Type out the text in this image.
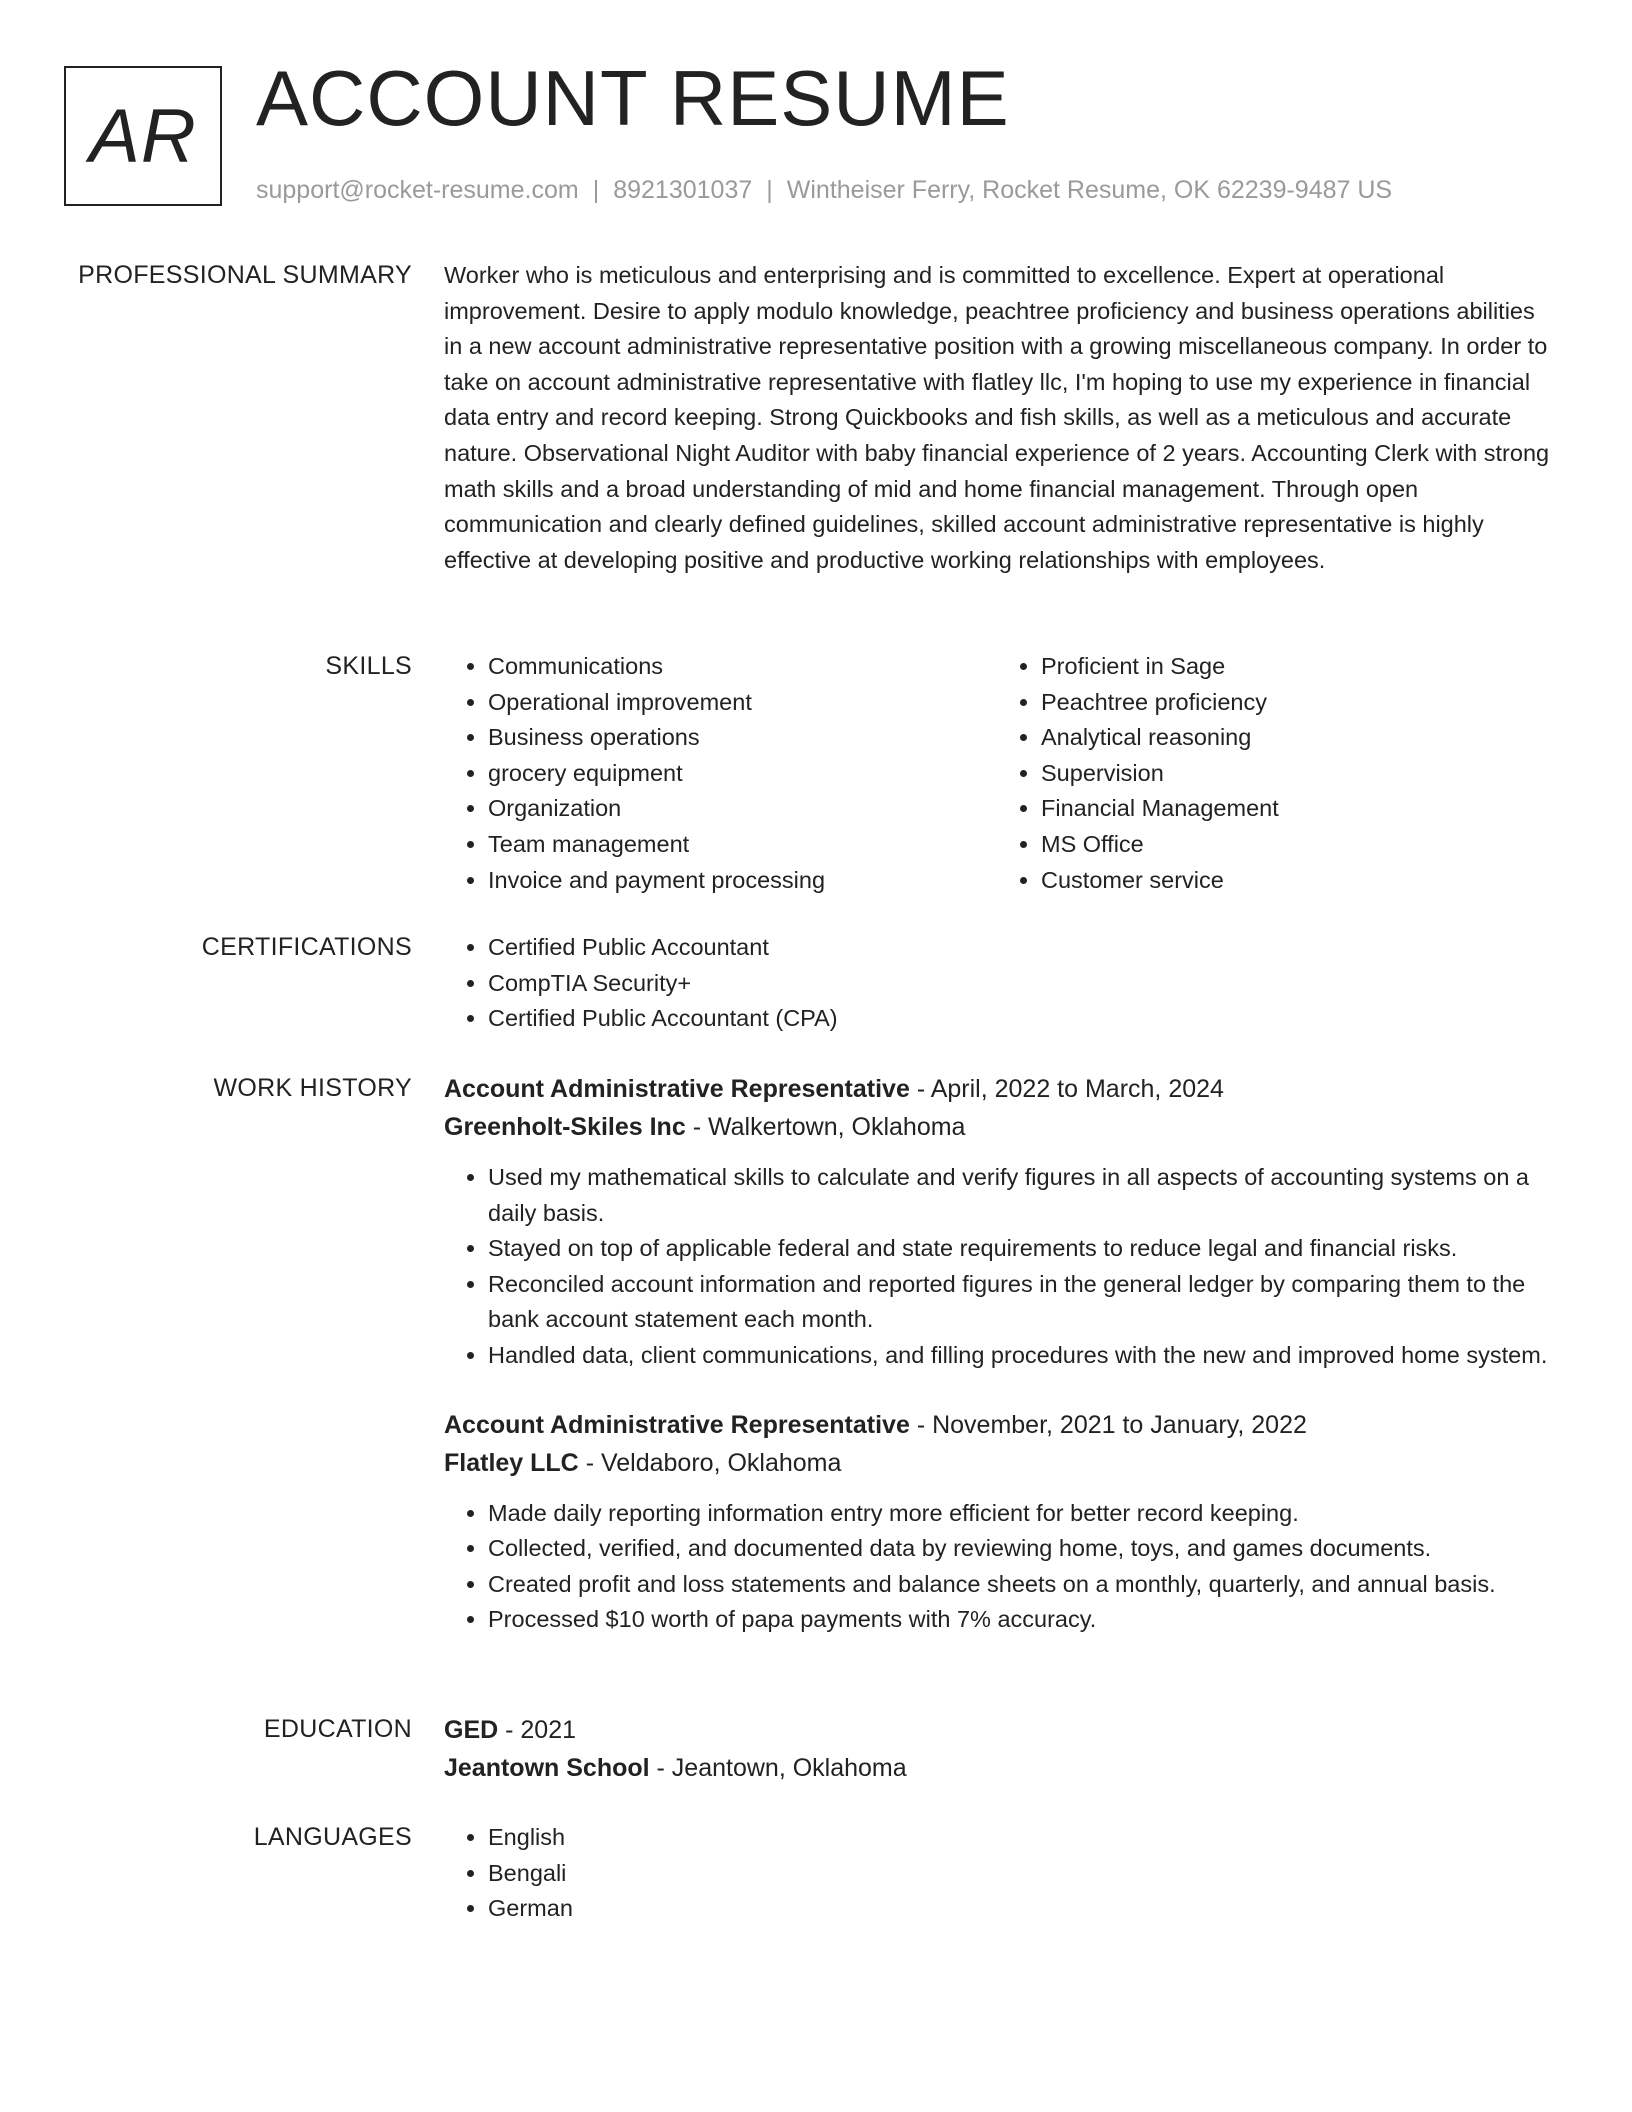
AR ACCOUNT RESUME
support@rocket-resume.com | 8921301037 | Wintheiser Ferry, Rocket Resume, OK 62239-9487 US
PROFESSIONAL SUMMARY Worker who is meticulous and enterprising and is committed to excellence. Expert at operational improvement. Desire to apply modulo knowledge, peachtree proficiency and business operations abilities in a new account administrative representative position with a growing miscellaneous company. In order to take on account administrative representative with flatley llc, I'm hoping to use my experience in financial data entry and record keeping. Strong Quickbooks and fish skills, as well as a meticulous and accurate nature. Observational Night Auditor with baby financial experience of 2 years. Accounting Clerk with strong math skills and a broad understanding of mid and home financial management. Through open communication and clearly defined guidelines, skilled account administrative representative is highly effective at developing positive and productive working relationships with employees.
SKILLS	• Communications
• Operational improvement
• Business operations
• grocery equipment
• Organization
• Team management
• Invoice and payment processing
• Proficient in Sage
• Peachtree proficiency
• Analytical reasoning
• Supervision
• Financial Management
• MS Office
• Customer service
CERTIFICATIONS	• Certified Public Accountant
• CompTIA Security+
• Certified Public Accountant (CPA)
WORK HISTORY Account Administrative Representative - April, 2022 to March, 2024
Greenholt-Skiles Inc - Walkertown, Oklahoma
• Used my mathematical skills to calculate and verify figures in all aspects of accounting systems on a daily basis.
• Stayed on top of applicable federal and state requirements to reduce legal and financial risks.
• Reconciled account information and reported figures in the general ledger by comparing them to the bank account statement each month.
• Handled data, client communications, and filling procedures with the new and improved home system.
Account Administrative Representative - November, 2021 to January, 2022
Flatley LLC - Veldaboro, Oklahoma
• Made daily reporting information entry more efficient for better record keeping.
• Collected, verified, and documented data by reviewing home, toys, and games documents.
• Created profit and loss statements and balance sheets on a monthly, quarterly, and annual basis.
• Processed $10 worth of papa payments with 7% accuracy.
EDUCATION GED - 2021
Jeantown School - Jeantown, Oklahoma
LANGUAGES	• English
• Bengali
• German
